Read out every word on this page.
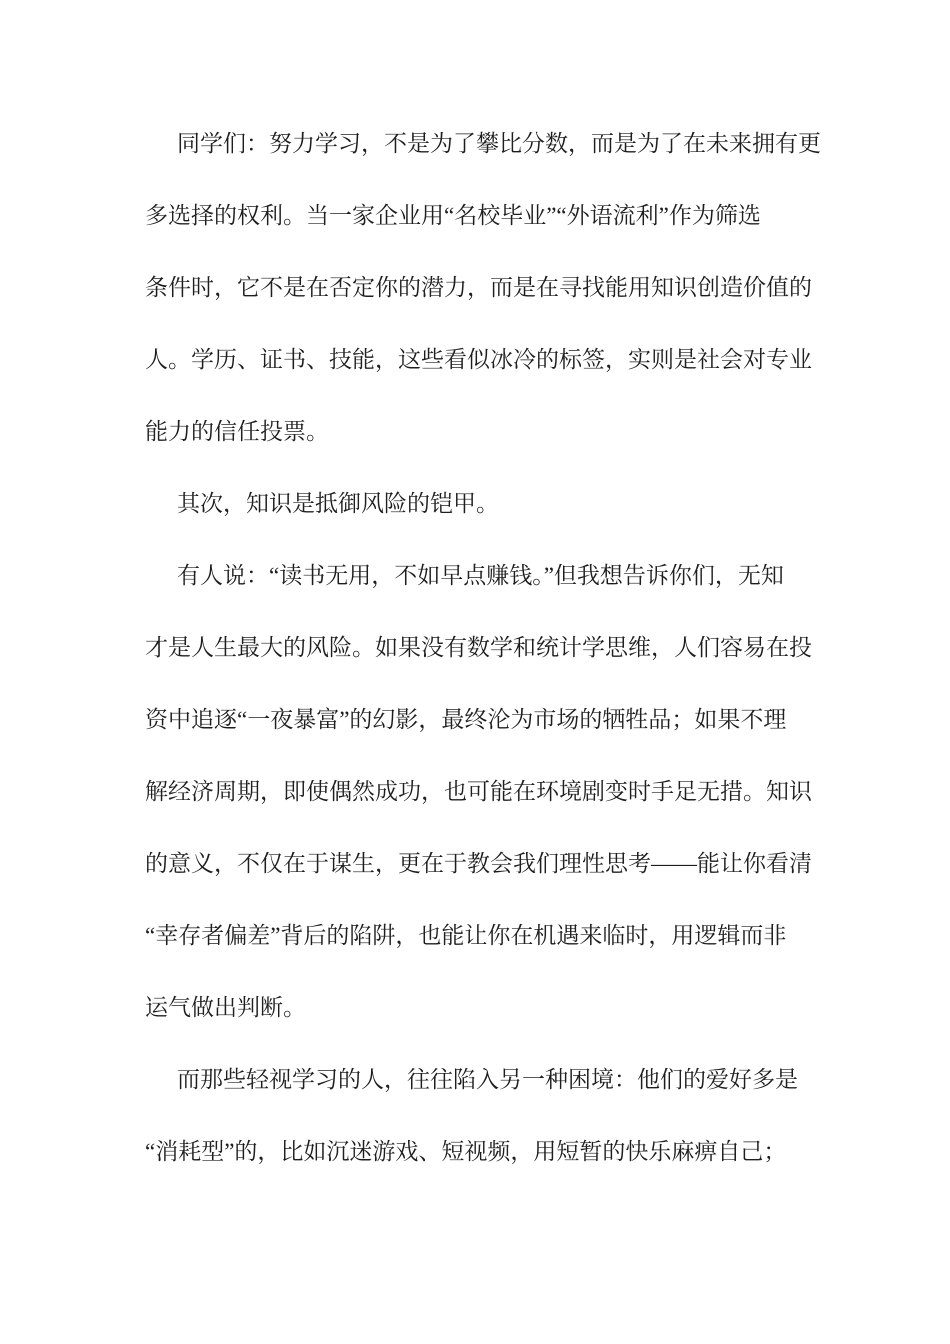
同学们：努力学习，不是为了攀比分数，而是为了在未来拥有更
多选择的权利。当一家企业用“名校毕业”“外语流利”作为筛选
条件时，它不是在否定你的潜力，而是在寻找能用知识创造价值的
人。学历、证书、技能，这些看似冰冷的标签，实则是社会对专业
能力的信任投票。
其次，知识是抵御风险的铠甲。
有人说：“读书无用，不如早点赚钱。”但我想告诉你们，无知
才是人生最大的风险。如果没有数学和统计学思维，人们容易在投
资中追逐“一夜暴富”的幻影，最终沦为市场的牺牲品；如果不理
解经济周期，即使偶然成功，也可能在环境剧变时手足无措。知识
的意义，不仅在于谋生，更在于教会我们理性思考——能让你看清
“幸存者偏差”背后的陷阱，也能让你在机遇来临时，用逻辑而非
运气做出判断。
而那些轻视学习的人，往往陷入另一种困境：他们的爱好多是
“消耗型”的，比如沉迷游戏、短视频，用短暂的快乐麻痹自己；
